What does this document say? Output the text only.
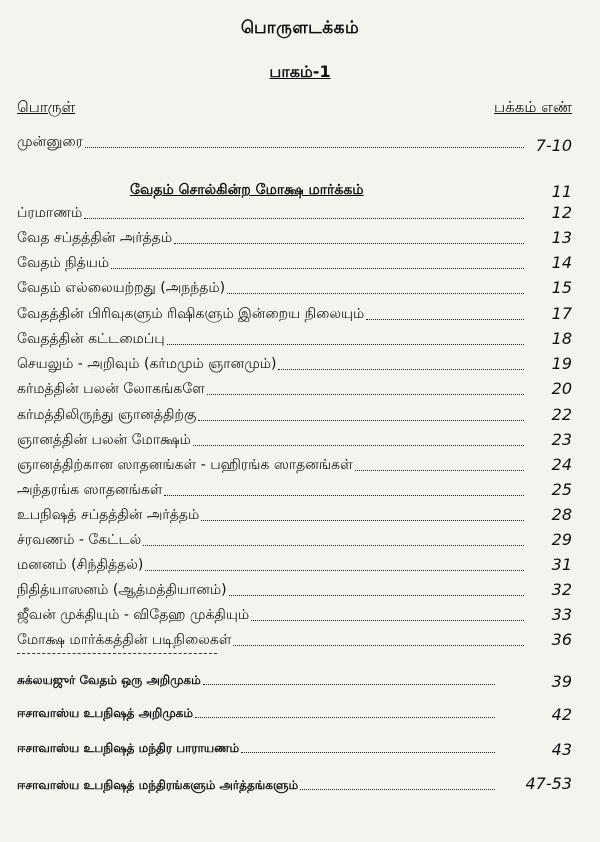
பொருளடக்கம்
பாகம்-1
பொருள்	பக்கம் எண்
முன்னுரை	7-10
வேதம் சொல்கின்ற மோக்ஷ மார்க்கம்	11
ப்ரமாணம்	12
வேத சப்தத்தின் அர்த்தம்	13
வேதம் நித்யம்	14
வேதம் எல்லையற்றது (அநந்தம்)	15
வேதத்தின் பிரிவுகளும் ரிஷிகளும் இன்றைய நிலையும்	17
வேதத்தின் கட்டமைப்பு	18
செயலும் - அறிவும் (கர்மமும் ஞானமும்)	19
கர்மத்தின் பலன் லோகங்களே	20
கர்மத்திலிருந்து ஞானத்திற்கு	22
ஞானத்தின் பலன் மோக்ஷம்	23
ஞானத்திற்கான ஸாதனங்கள் - பஹிரங்க ஸாதனங்கள்	24
அந்தரங்க ஸாதனங்கள்	25
உபநிஷத் சப்தத்தின் அர்த்தம்	28
ச்ரவணம் - கேட்டல்	29
மனனம் (சிந்தித்தல்)	31
நிதித்யாஸனம் (ஆத்மத்தியானம்)	32
ஜீவன் முக்தியும் - விதேஹ முக்தியும்	33
மோக்ஷ மார்க்கத்தின் படிநிலைகள்	36
சுக்லயஜுர் வேதம் ஒரு அறிமுகம்	39
ஈசாவாஸ்ய உபநிஷத் அறிமுகம்	42
ஈசாவாஸ்ய உபநிஷத் மந்திர பாராயணம்	43
ஈசாவாஸ்ய உபநிஷத் மந்திரங்களும் அர்த்தங்களும்	47-53
